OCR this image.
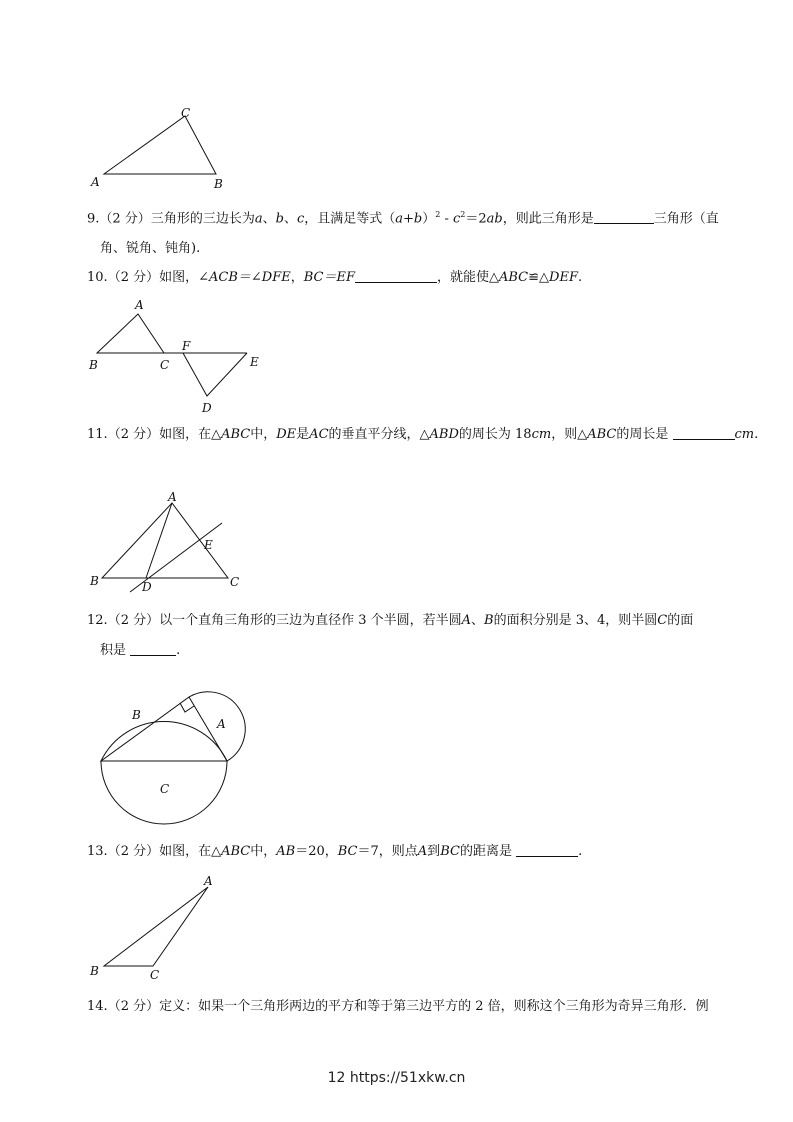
A	B
C
9.（2 分）三角形的三边长为a、b、c，且满足等式$(a+b)^2 - c^2=2ab$，则此三角形是	三角形（直
角、锐角、钝角).
10.（2 分）如图，∠ACB＝∠DFE，BC＝EF	，就能使△ABC≌△DEF.
A
B	C
F
E
D
11.（2 分）如图，在△ABC中，DE是AC的垂直平分线，△ABD的周长为 18cm，则△ABC的周长是	cm.
A
B	C
D
E
12.（2 分）以一个直角三角形的三边为直径作 3 个半圆，若半圆A、B的面积分别是 3、4，则半圆C的面
积是	.
B
A
C
13.（2 分）如图，在△ABC中，AB＝20，BC＝7，则点A到BC的距离是	.
A
B	C
14.（2 分）定义：如果一个三角形两边的平方和等于第三边平方的 2 倍，则称这个三角形为奇异三角形．例
12 https://51xkw.cn
